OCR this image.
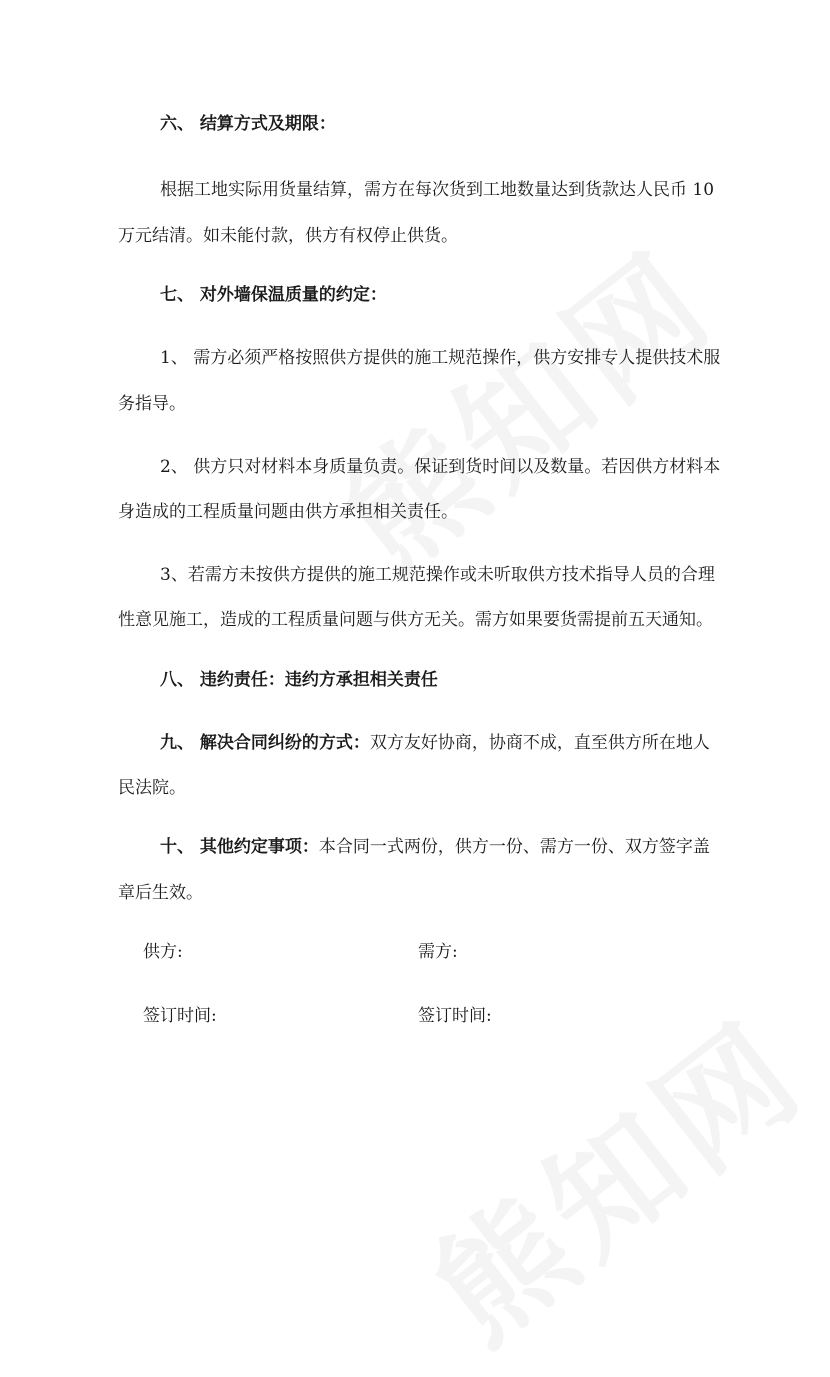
六、 结算方式及期限：
根据工地实际用货量结算，需方在每次货到工地数量达到货款达人民币 10
万元结清。如未能付款，供方有权停止供货。
七、 对外墙保温质量的约定：
1、 需方必须严格按照供方提供的施工规范操作，供方安排专人提供技术服
务指导。
2、 供方只对材料本身质量负责。保证到货时间以及数量。若因供方材料本
身造成的工程质量问题由供方承担相关责任。
3、若需方未按供方提供的施工规范操作或未听取供方技术指导人员的合理
性意见施工，造成的工程质量问题与供方无关。需方如果要货需提前五天通知。
八、 违约责任：违约方承担相关责任
九、 解决合同纠纷的方式：双方友好协商，协商不成，直至供方所在地人
民法院。
十、 其他约定事项：本合同一式两份，供方一份、需方一份、双方签字盖
章后生效。
供方:	需方:
签订时间:	签订时间:
